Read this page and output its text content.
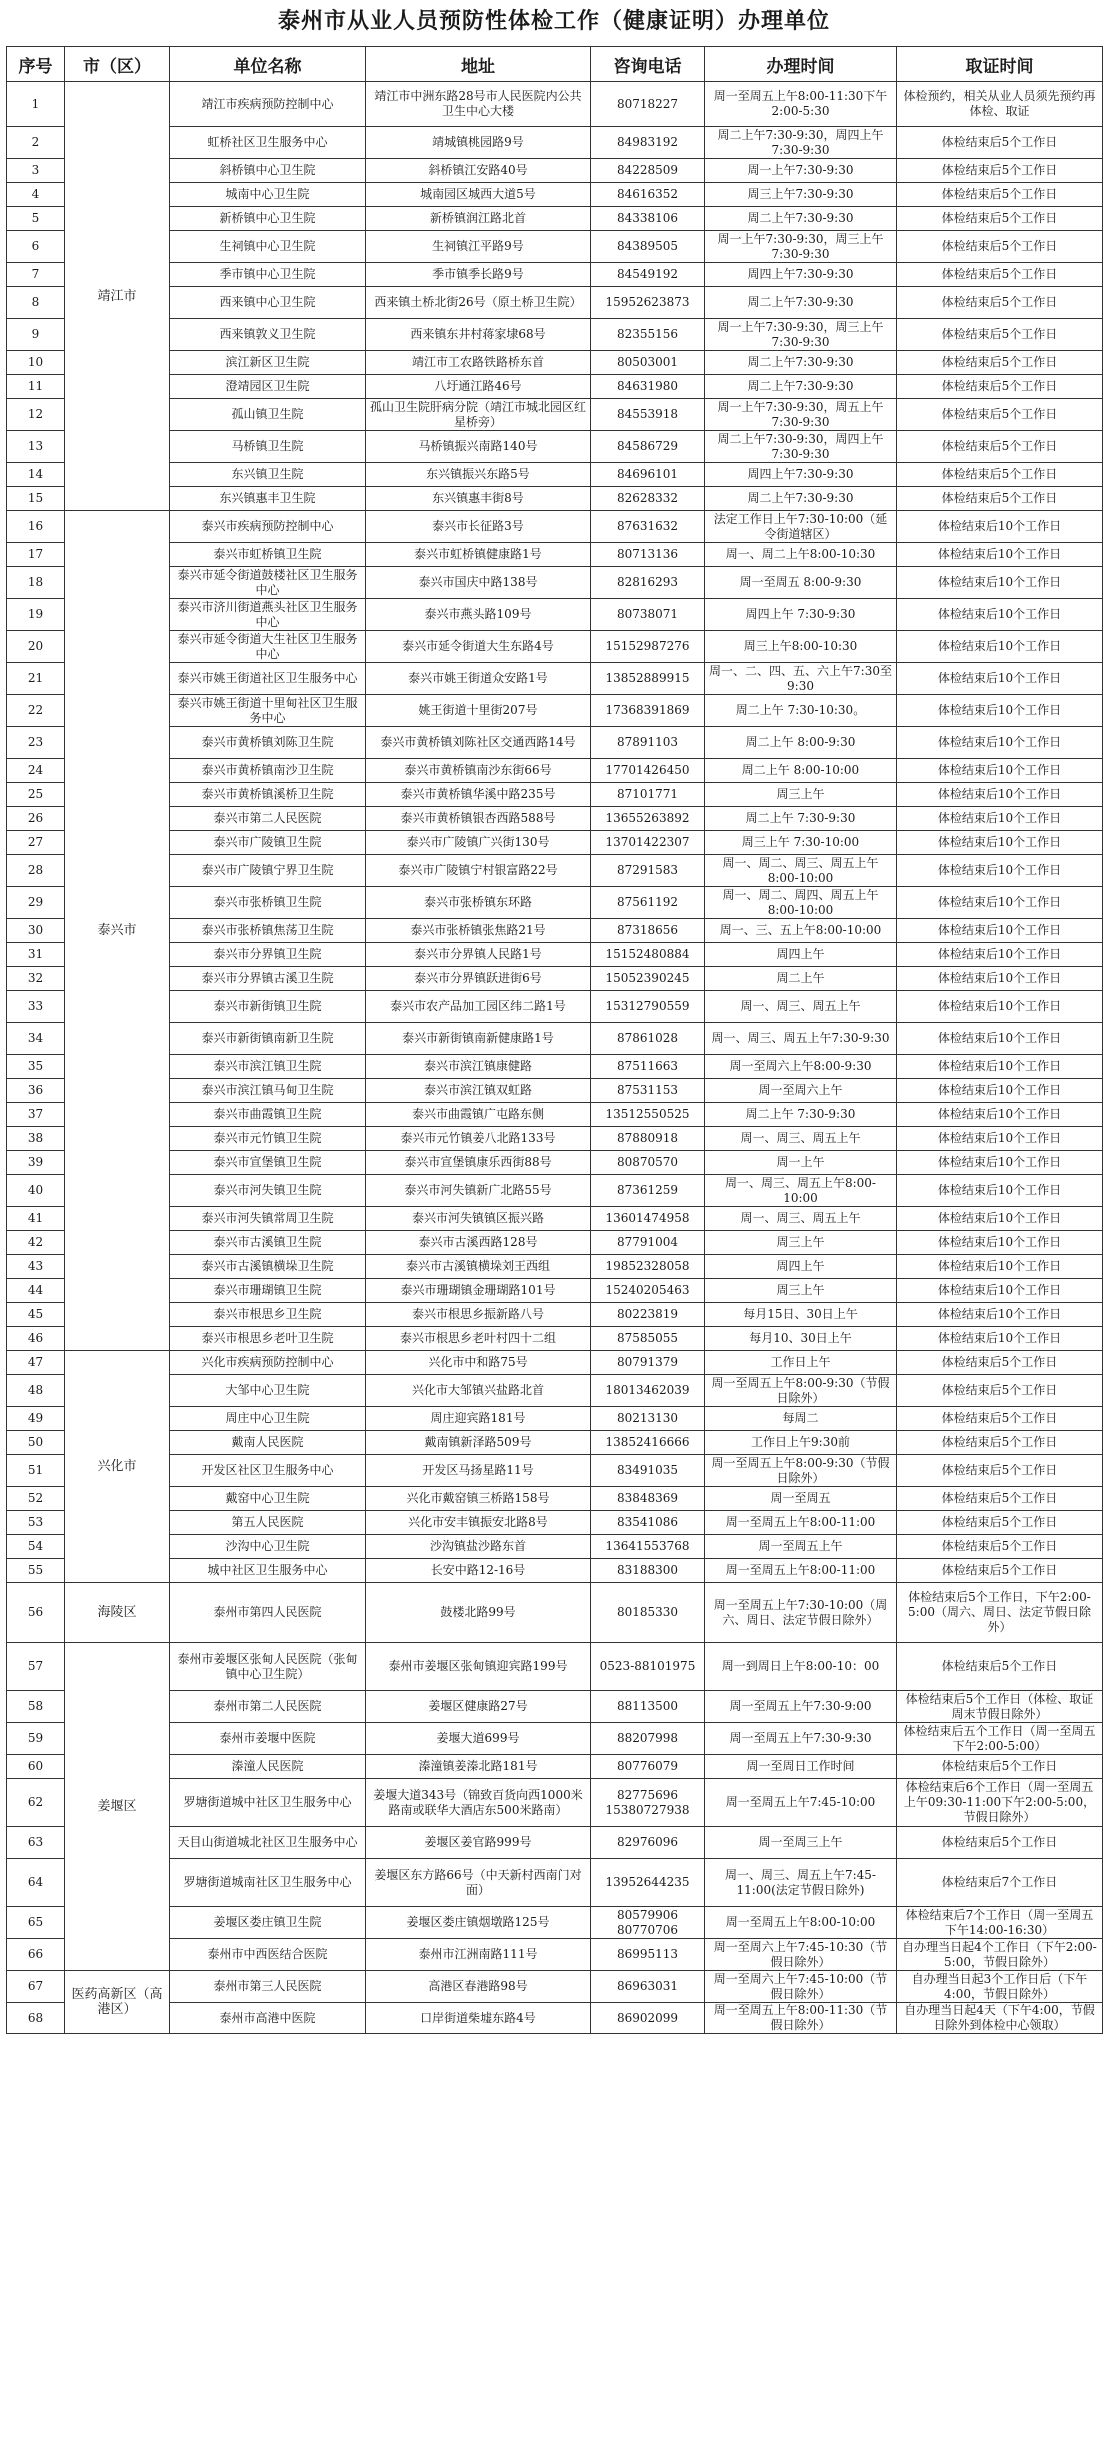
泰州市从业人员预防性体检工作（健康证明）办理单位
序号	市（区）	单位名称	地址	咨询电话	办理时间	取证时间
1	靖江市	靖江市疾病预防控制中心	靖江市中洲东路28号市人民医院内公共卫生中心大楼	80718227	周一至周五上午8:00-11:30下午2:00-5:30	体检预约，相关从业人员须先预约再体检、取证
2		虹桥社区卫生服务中心	靖城镇桃园路9号	84983192	周二上午7:30-9:30，周四上午7:30-9:30	体检结束后5个工作日
3		斜桥镇中心卫生院	斜桥镇江安路40号	84228509	周一上午7:30-9:30	体检结束后5个工作日
4		城南中心卫生院	城南园区城西大道5号	84616352	周三上午7:30-9:30	体检结束后5个工作日
5		新桥镇中心卫生院	新桥镇润江路北首	84338106	周二上午7:30-9:30	体检结束后5个工作日
6		生祠镇中心卫生院	生祠镇江平路9号	84389505	周一上午7:30-9:30，周三上午7:30-9:30	体检结束后5个工作日
7		季市镇中心卫生院	季市镇季长路9号	84549192	周四上午7:30-9:30	体检结束后5个工作日
8		西来镇中心卫生院	西来镇土桥北街26号（原土桥卫生院）	15952623873	周二上午7:30-9:30	体检结束后5个工作日
9		西来镇敦义卫生院	西来镇东井村蒋家埭68号	82355156	周一上午7:30-9:30，周三上午7:30-9:30	体检结束后5个工作日
10		滨江新区卫生院	靖江市工农路铁路桥东首	80503001	周二上午7:30-9:30	体检结束后5个工作日
11		澄靖园区卫生院	八圩通江路46号	84631980	周二上午7:30-9:30	体检结束后5个工作日
12		孤山镇卫生院	孤山卫生院肝病分院（靖江市城北园区红星桥旁）	84553918	周一上午7:30-9:30，周五上午7:30-9:30	体检结束后5个工作日
13		马桥镇卫生院	马桥镇振兴南路140号	84586729	周二上午7:30-9:30，周四上午7:30-9:30	体检结束后5个工作日
14		东兴镇卫生院	东兴镇振兴东路5号	84696101	周四上午7:30-9:30	体检结束后5个工作日
15		东兴镇惠丰卫生院	东兴镇惠丰街8号	82628332	周二上午7:30-9:30	体检结束后5个工作日
16	泰兴市	泰兴市疾病预防控制中心	泰兴市长征路3号	87631632	法定工作日上午7:30-10:00（延令街道辖区）	体检结束后10个工作日
17		泰兴市虹桥镇卫生院	泰兴市虹桥镇健康路1号	80713136	周一、周二上午8:00-10:30	体检结束后10个工作日
18		泰兴市延令街道鼓楼社区卫生服务中心	泰兴市国庆中路138号	82816293	周一至周五 8:00-9:30	体检结束后10个工作日
19		泰兴市济川街道燕头社区卫生服务中心	泰兴市燕头路109号	80738071	周四上午 7:30-9:30	体检结束后10个工作日
20		泰兴市延令街道大生社区卫生服务中心	泰兴市延令街道大生东路4号	15152987276	周三上午8:00-10:30	体检结束后10个工作日
21		泰兴市姚王街道社区卫生服务中心	泰兴市姚王街道众安路1号	13852889915	周一、二、四、五、六上午7:30至9:30	体检结束后10个工作日
22		泰兴市姚王街道十里甸社区卫生服务中心	姚王街道十里街207号	17368391869	周二上午 7:30-10:30。	体检结束后10个工作日
23		泰兴市黄桥镇刘陈卫生院	泰兴市黄桥镇刘陈社区交通西路14号	87891103	周二上午 8:00-9:30	体检结束后10个工作日
24		泰兴市黄桥镇南沙卫生院	泰兴市黄桥镇南沙东街66号	17701426450	周二上午 8:00-10:00	体检结束后10个工作日
25		泰兴市黄桥镇溪桥卫生院	泰兴市黄桥镇华溪中路235号	87101771	周三上午	体检结束后10个工作日
26		泰兴市第二人民医院	泰兴市黄桥镇银杏西路588号	13655263892	周二上午 7:30-9:30	体检结束后10个工作日
27		泰兴市广陵镇卫生院	泰兴市广陵镇广兴街130号	13701422307	周三上午 7:30-10:00	体检结束后10个工作日
28		泰兴市广陵镇宁界卫生院	泰兴市广陵镇宁村银富路22号	87291583	周一、周二、周三、周五上午8:00-10:00	体检结束后10个工作日
29		泰兴市张桥镇卫生院	泰兴市张桥镇东环路	87561192	周一、周二、周四、周五上午8:00-10:00	体检结束后10个工作日
30		泰兴市张桥镇焦荡卫生院	泰兴市张桥镇张焦路21号	87318656	周一、三、五上午8:00-10:00	体检结束后10个工作日
31		泰兴市分界镇卫生院	泰兴市分界镇人民路1号	15152480884	周四上午	体检结束后10个工作日
32		泰兴市分界镇古溪卫生院	泰兴市分界镇跃进街6号	15052390245	周二上午	体检结束后10个工作日
33		泰兴市新街镇卫生院	泰兴市农产品加工园区纬二路1号	15312790559	周一、周三、周五上午	体检结束后10个工作日
34		泰兴市新街镇南新卫生院	泰兴市新街镇南新健康路1号	87861028	周一、周三、周五上午7:30-9:30	体检结束后10个工作日
35		泰兴市滨江镇卫生院	泰兴市滨江镇康健路	87511663	周一至周六上午8:00-9:30	体检结束后10个工作日
36		泰兴市滨江镇马甸卫生院	泰兴市滨江镇双虹路	87531153	周一至周六上午	体检结束后10个工作日
37		泰兴市曲霞镇卫生院	泰兴市曲霞镇广屯路东侧	13512550525	周二上午 7:30-9:30	体检结束后10个工作日
38		泰兴市元竹镇卫生院	泰兴市元竹镇姜八北路133号	87880918	周一、周三、周五上午	体检结束后10个工作日
39		泰兴市宣堡镇卫生院	泰兴市宣堡镇康乐西街88号	80870570	周一上午	体检结束后10个工作日
40		泰兴市河失镇卫生院	泰兴市河失镇新广北路55号	87361259	周一、周三、周五上午8:00-10:00	体检结束后10个工作日
41		泰兴市河失镇常周卫生院	泰兴市河失镇镇区振兴路	13601474958	周一、周三、周五上午	体检结束后10个工作日
42		泰兴市古溪镇卫生院	泰兴市古溪西路128号	87791004	周三上午	体检结束后10个工作日
43		泰兴市古溪镇横垛卫生院	泰兴市古溪镇横垛刘王西组	19852328058	周四上午	体检结束后10个工作日
44		泰兴市珊瑚镇卫生院	泰兴市珊瑚镇金珊瑚路101号	15240205463	周三上午	体检结束后10个工作日
45		泰兴市根思乡卫生院	泰兴市根思乡振新路八号	80223819	每月15日、30日上午	体检结束后10个工作日
46		泰兴市根思乡老叶卫生院	泰兴市根思乡老叶村四十二组	87585055	每月10、30日上午	体检结束后10个工作日
47	兴化市	兴化市疾病预防控制中心	兴化市中和路75号	80791379	工作日上午	体检结束后5个工作日
48		大邹中心卫生院	兴化市大邹镇兴盐路北首	18013462039	周一至周五上午8:00-9:30（节假日除外）	体检结束后5个工作日
49		周庄中心卫生院	周庄迎宾路181号	80213130	每周二	体检结束后5个工作日
50		戴南人民医院	戴南镇新泽路509号	13852416666	工作日上午9:30前	体检结束后5个工作日
51		开发区社区卫生服务中心	开发区马扬星路11号	83491035	周一至周五上午8:00-9:30（节假日除外）	体检结束后5个工作日
52		戴窑中心卫生院	兴化市戴窑镇三桥路158号	83848369	周一至周五	体检结束后5个工作日
53		第五人民医院	兴化市安丰镇振安北路8号	83541086	周一至周五上午8:00-11:00	体检结束后5个工作日
54		沙沟中心卫生院	沙沟镇盐沙路东首	13641553768	周一至周五上午	体检结束后5个工作日
55		城中社区卫生服务中心	长安中路12-16号	83188300	周一至周五上午8:00-11:00	体检结束后5个工作日
56	海陵区	泰州市第四人民医院	鼓楼北路99号	80185330	周一至周五上午7:30-10:00（周六、周日、法定节假日除外）	体检结束后5个工作日，下午2:00-5:00（周六、周日、法定节假日除外）
57	姜堰区	泰州市姜堰区张甸人民医院（张甸镇中心卫生院）	泰州市姜堰区张甸镇迎宾路199号	0523-88101975	周一到周日上午8:00-10：00	体检结束后5个工作日
58		泰州市第二人民医院	姜堰区健康路27号	88113500	周一至周五上午7:30-9:00	体检结束后5个工作日（体检、取证周末节假日除外）
59		泰州市姜堰中医院	姜堰大道699号	88207998	周一至周五上午7:30-9:30	体检结束后五个工作日（周一至周五下午2:00-5:00）
60		溱潼人民医院	溱潼镇姜溱北路181号	80776079	周一至周日工作时间	体检结束后5个工作日
62		罗塘街道城中社区卫生服务中心	姜堰大道343号（锦致百货向西1000米路南或联华大酒店东500米路南）	82775696 15380727938	周一至周五上午7:45-10:00	体检结束后6个工作日（周一至周五上午09:30-11:00下午2:00-5:00，节假日除外）
63		天目山街道城北社区卫生服务中心	姜堰区姜官路999号	82976096	周一至周三上午	体检结束后5个工作日
64		罗塘街道城南社区卫生服务中心	姜堰区东方路66号（中天新村西南门对面）	13952644235	周一、周三、周五上午7:45-11:00(法定节假日除外)	体检结束后7个工作日
65		姜堰区娄庄镇卫生院	姜堰区娄庄镇烟墩路125号	80579906 80770706	周一至周五上午8:00-10:00	体检结束后7个工作日（周一至周五下午14:00-16:30）
66		泰州市中西医结合医院	泰州市江洲南路111号	86995113	周一至周六上午7:45-10:30（节假日除外）	自办理当日起4个工作日（下午2:00-5:00，节假日除外）
67	医药高新区（高港区）	泰州市第三人民医院	高港区春港路98号	86963031	周一至周六上午7:45-10:00（节假日除外）	自办理当日起3个工作日后（下午4:00，节假日除外）
68		泰州市高港中医院	口岸街道柴墟东路4号	86902099	周一至周五上午8:00-11:30（节假日除外）	自办理当日起4天（下午4:00，节假日除外到体检中心领取）
